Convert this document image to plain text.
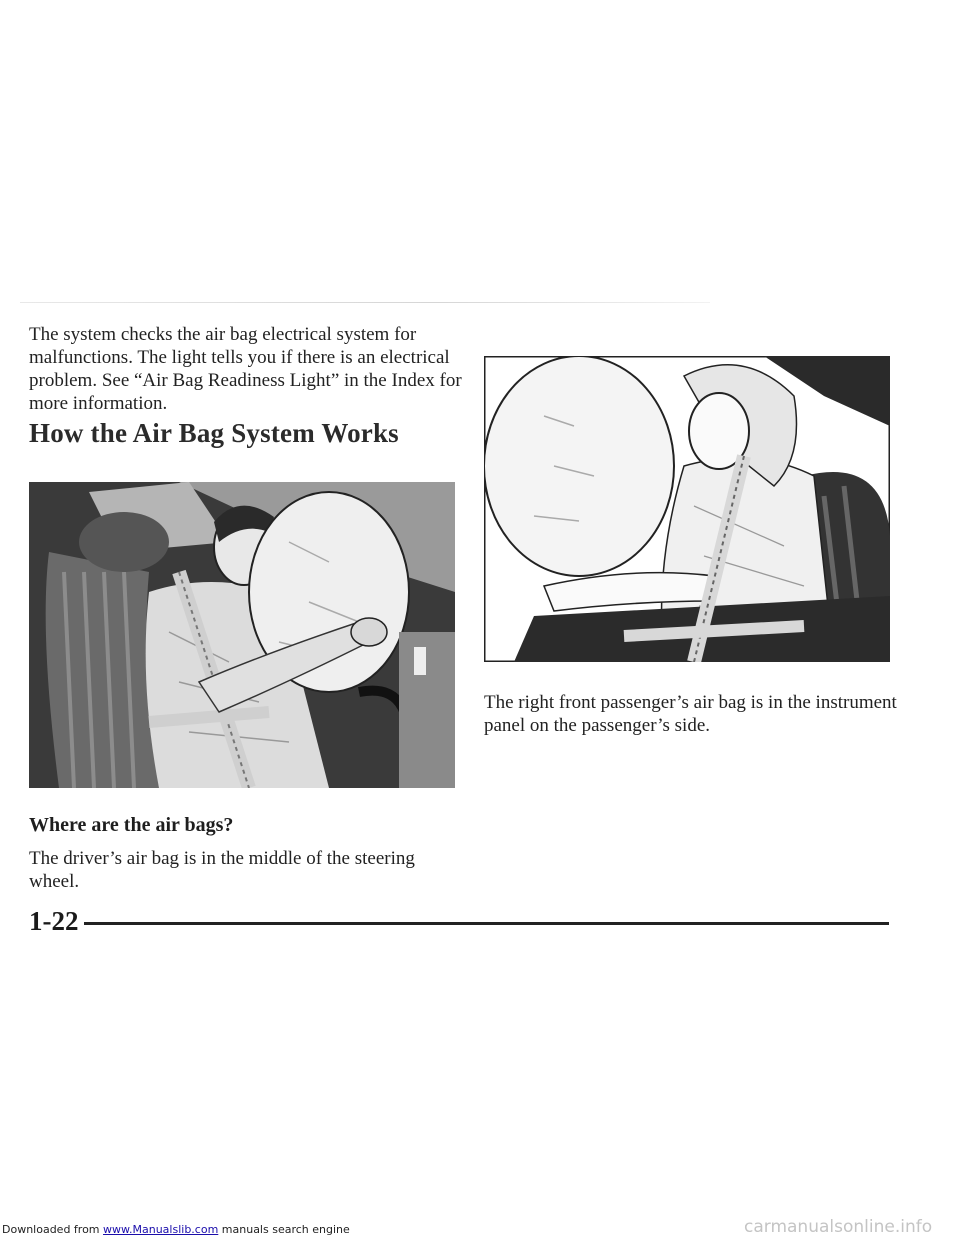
The system checks the air bag electrical system for malfunctions. The light tells you if there is an electrical problem. See “Air Bag Readiness Light” in the Index for more information.

How the Air Bag System Works

The right front passenger’s air bag is in the instrument panel on the passenger’s side.

Where are the air bags?

The driver’s air bag is in the middle of the steering wheel.

1-22

Downloaded from www.Manualslib.com manuals search engine	carmanualsonline.info
